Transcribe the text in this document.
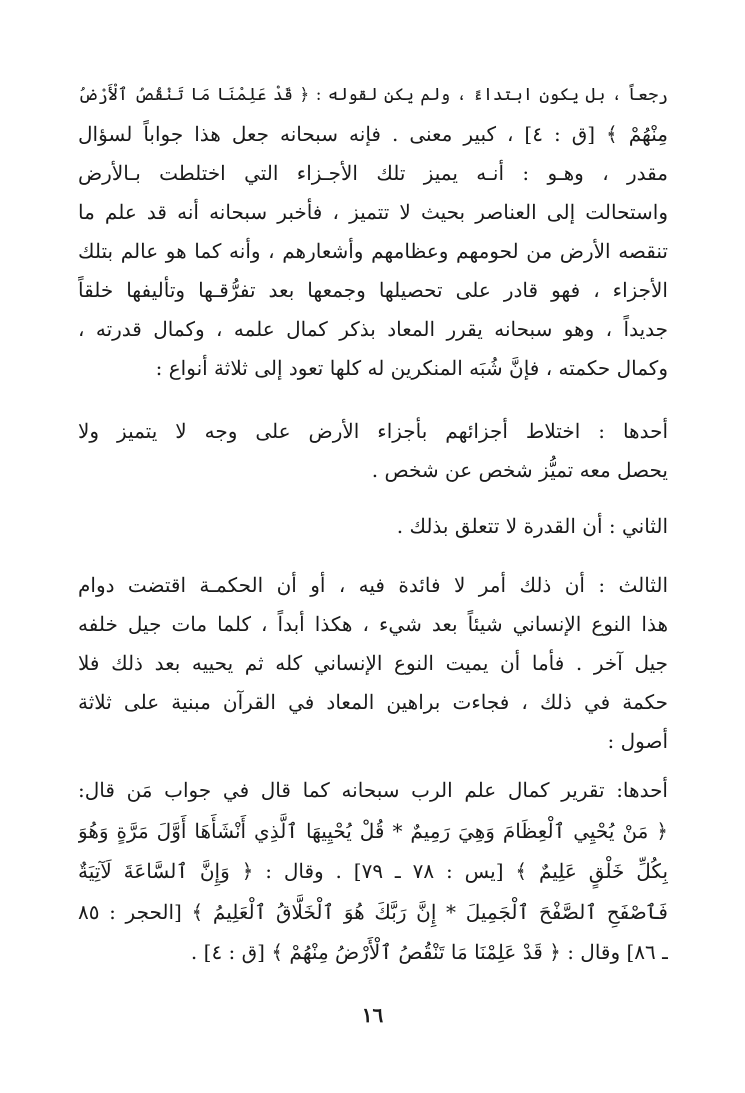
رجعاً ، بل يكون ابتداءً ، ولم يكن لقوله : ﴿ قَدْ عَلِمْنَا مَا تَنْقُصُ ٱلْأَرْضُ
مِنْهُمْ ﴾ [ق : ٤] ، كبير معنى . فإنه سبحانه جعل هذا جواباً لسؤال
مقدر ، وهـو : أنـه يميز تلك الأجـزاء التي اختلطت بـالأرض
واستحالت إلى العناصر بحيث لا تتميز ، فأخبر سبحانه أنه قد علم ما
تنقصه الأرض من لحومهم وعظامهم وأشعارهم ، وأنه كما هو عالم بتلك
الأجزاء ، فهو قادر على تحصيلها وجمعها بعد تفرُّقـها وتأليفها خلقاً
جديداً ، وهو سبحانه يقرر المعاد بذكر كمال علمه ، وكمال قدرته ،
وكمال حكمته ، فإنَّ شُبَه المنكرين له كلها تعود إلى ثلاثة أنواع :
أحدها : اختلاط أجزائهم بأجزاء الأرض على وجه لا يتميز ولا
يحصل معه تميُّز شخص عن شخص .
الثاني : أن القدرة لا تتعلق بذلك .
الثالث : أن ذلك أمر لا فائدة فيه ، أو أن الحكمـة اقتضت دوام
هذا النوع الإنساني شيئاً بعد شيء ، هكذا أبداً ، كلما مات جيل خلفه
جيل آخر . فأما أن يميت النوع الإنساني كله ثم يحييه بعد ذلك فلا
حكمة في ذلك ، فجاءت براهين المعاد في القرآن مبنية على ثلاثة
أصول :
أحدها: تقرير كمال علم الرب سبحانه كما قال في جواب مَن قال:
﴿ مَنْ يُحْيِي ٱلْعِظَامَ وَهِيَ رَمِيمٌ * قُلْ يُحْيِيهَا ٱلَّذِي أَنْشَأَهَا أَوَّلَ مَرَّةٍ وَهُوَ
بِكُلِّ خَلْقٍ عَلِيمٌ ﴾ [يس : ٧٨ ـ ٧٩] . وقال : ﴿ وَإِنَّ ٱلسَّاعَةَ لَآتِيَةٌ
فَٱصْفَحِ ٱلصَّفْحَ ٱلْجَمِيلَ * إِنَّ رَبَّكَ هُوَ ٱلْخَلَّاقُ ٱلْعَلِيمُ ﴾ [الحجر : ٨٥
ـ ٨٦] وقال : ﴿ قَدْ عَلِمْنَا مَا تَنْقُصُ ٱلْأَرْضُ مِنْهُمْ ﴾ [ق : ٤] .
١٦
